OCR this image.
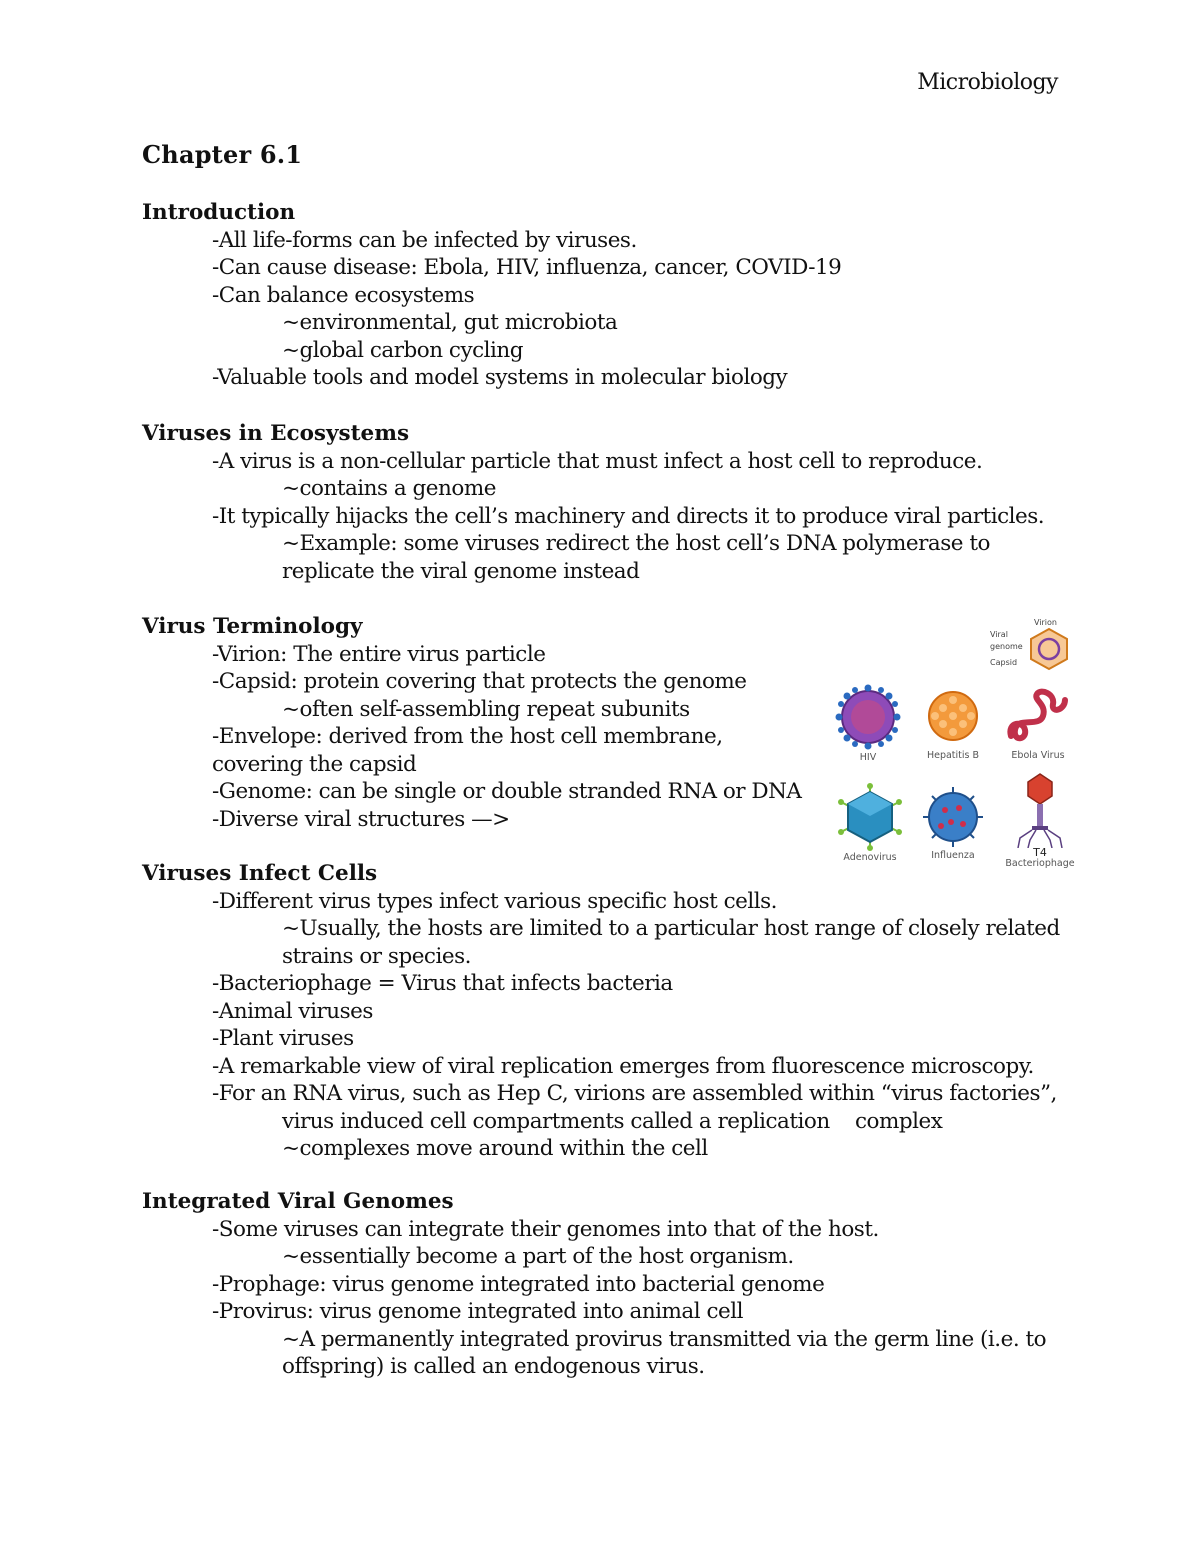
Microbiology
Chapter 6.1
Introduction
-All life-forms can be infected by viruses.
-Can cause disease: Ebola, HIV, influenza, cancer, COVID-19
-Can balance ecosystems
~environmental, gut microbiota
~global carbon cycling
-Valuable tools and model systems in molecular biology
Viruses in Ecosystems
-A virus is a non-cellular particle that must infect a host cell to reproduce.
~contains a genome
-It typically hijacks the cell’s machinery and directs it to produce viral particles.
~Example: some viruses redirect the host cell’s DNA polymerase to
replicate the viral genome instead
Virus Terminology
-Virion: The entire virus particle
-Capsid: protein covering that protects the genome
~often self-assembling repeat subunits
-Envelope: derived from the host cell membrane,
covering the capsid
-Genome: can be single or double stranded RNA or DNA
-Diverse viral structures —>
Viruses Infect Cells
-Different virus types infect various specific host cells.
~Usually, the hosts are limited to a particular host range of closely related
strains or species.
-Bacteriophage = Virus that infects bacteria
-Animal viruses
-Plant viruses
-A remarkable view of viral replication emerges from fluorescence microscopy.
-For an RNA virus, such as Hep C, virions are assembled within “virus factories”,
virus induced cell compartments called a replication    complex
~complexes move around within the cell
Integrated Viral Genomes
-Some viruses can integrate their genomes into that of the host.
~essentially become a part of the host organism.
-Prophage: virus genome integrated into bacterial genome
-Provirus: virus genome integrated into animal cell
~A permanently integrated provirus transmitted via the germ line (i.e. to
offspring) is called an endogenous virus.
Viral
genome
Capsid
Virion
HIV	Hepatitis B	Ebola Virus
Adenovirus	Influenza	T4
Bacteriophage
